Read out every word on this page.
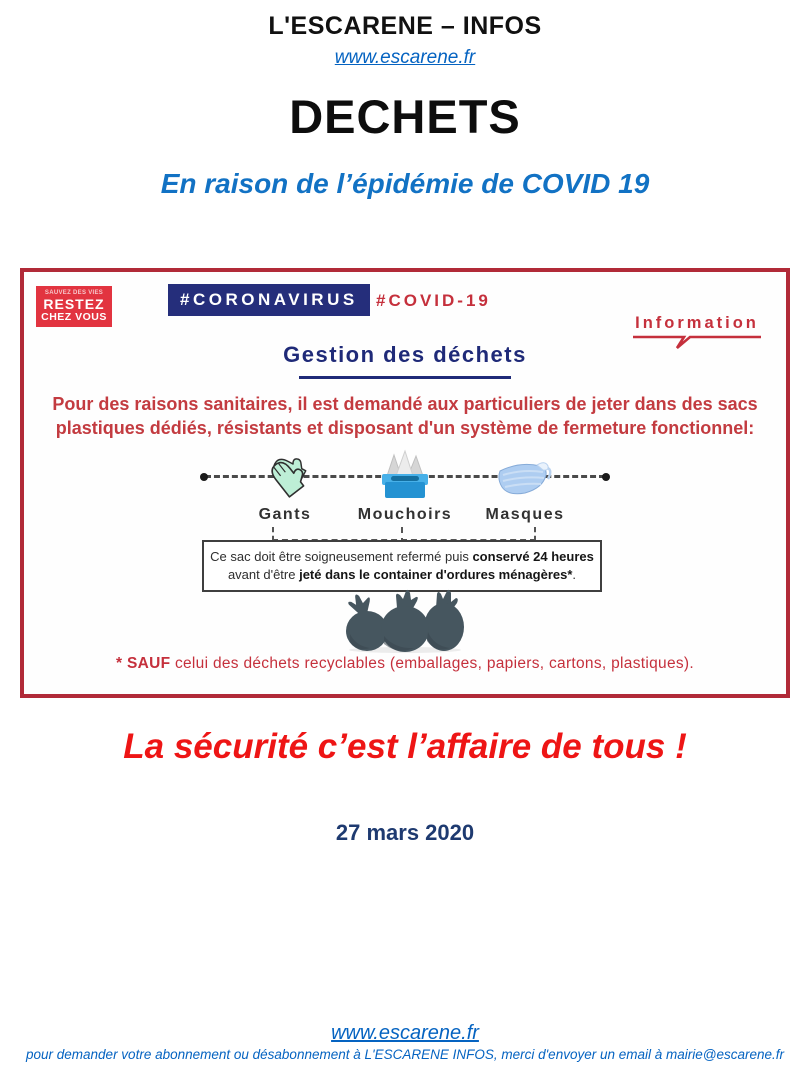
L'ESCARENE – INFOS
www.escarene.fr
DECHETS
En raison de l’épidémie de COVID 19
SAUVEZ DES VIES
RESTEZ
CHEZ VOUS
#CORONAVIRUS	#COVID-19
Information
Gestion des déchets
Pour des raisons sanitaires, il est demandé aux particuliers de jeter dans des sacs
plastiques dédiés, résistants et disposant d'un système de fermeture fonctionnel:
Gants	Mouchoirs	Masques
Ce sac doit être soigneusement refermé puis conservé 24 heures
avant d'être jeté dans le container d'ordures ménagères*.
* SAUF celui des déchets recyclables (emballages, papiers, cartons, plastiques).
La sécurité c’est l’affaire de tous !
27 mars 2020
www.escarene.fr
pour demander votre abonnement ou désabonnement à L'ESCARENE INFOS, merci d'envoyer un email à mairie@escarene.fr
